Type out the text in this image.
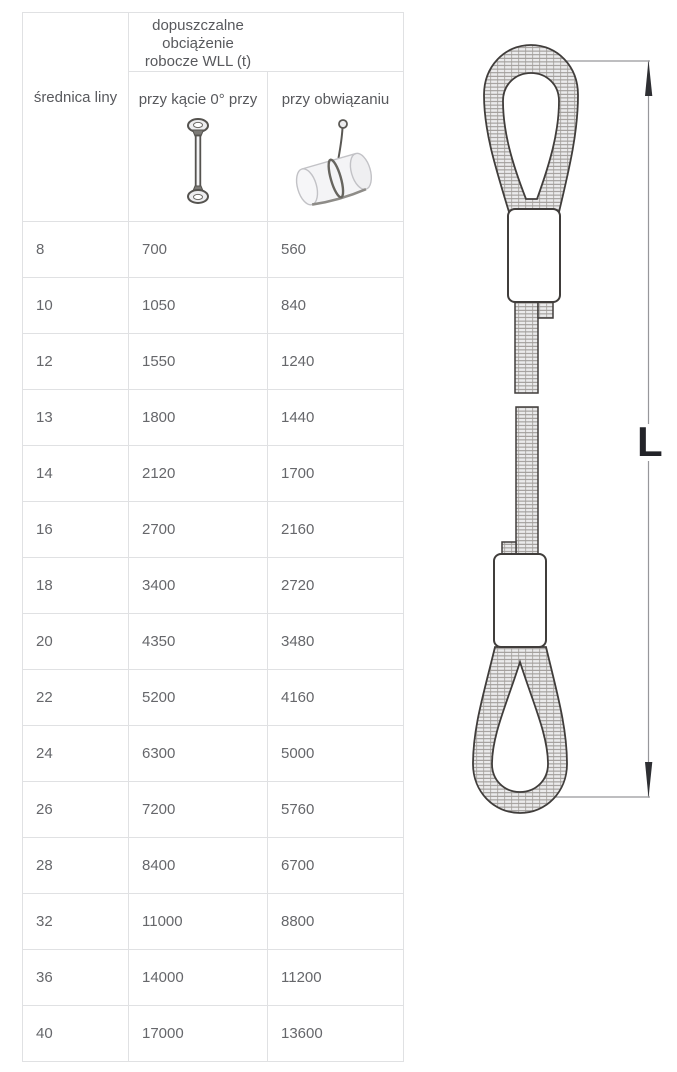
średnica liny	dopuszczalne obciążenie robocze WLL (t)	

	przy kącie 0° przy	przy obwiązaniu

8	700	560
10	1050	840
12	1550	1240
13	1800	1440
14	2120	1700
16	2700	2160
18	3400	2720
20	4350	3480
22	5200	4160
24	6300	5000
26	7200	5760
28	8400	6700
32	11000	8800
36	14000	11200
40	17000	13600
L
